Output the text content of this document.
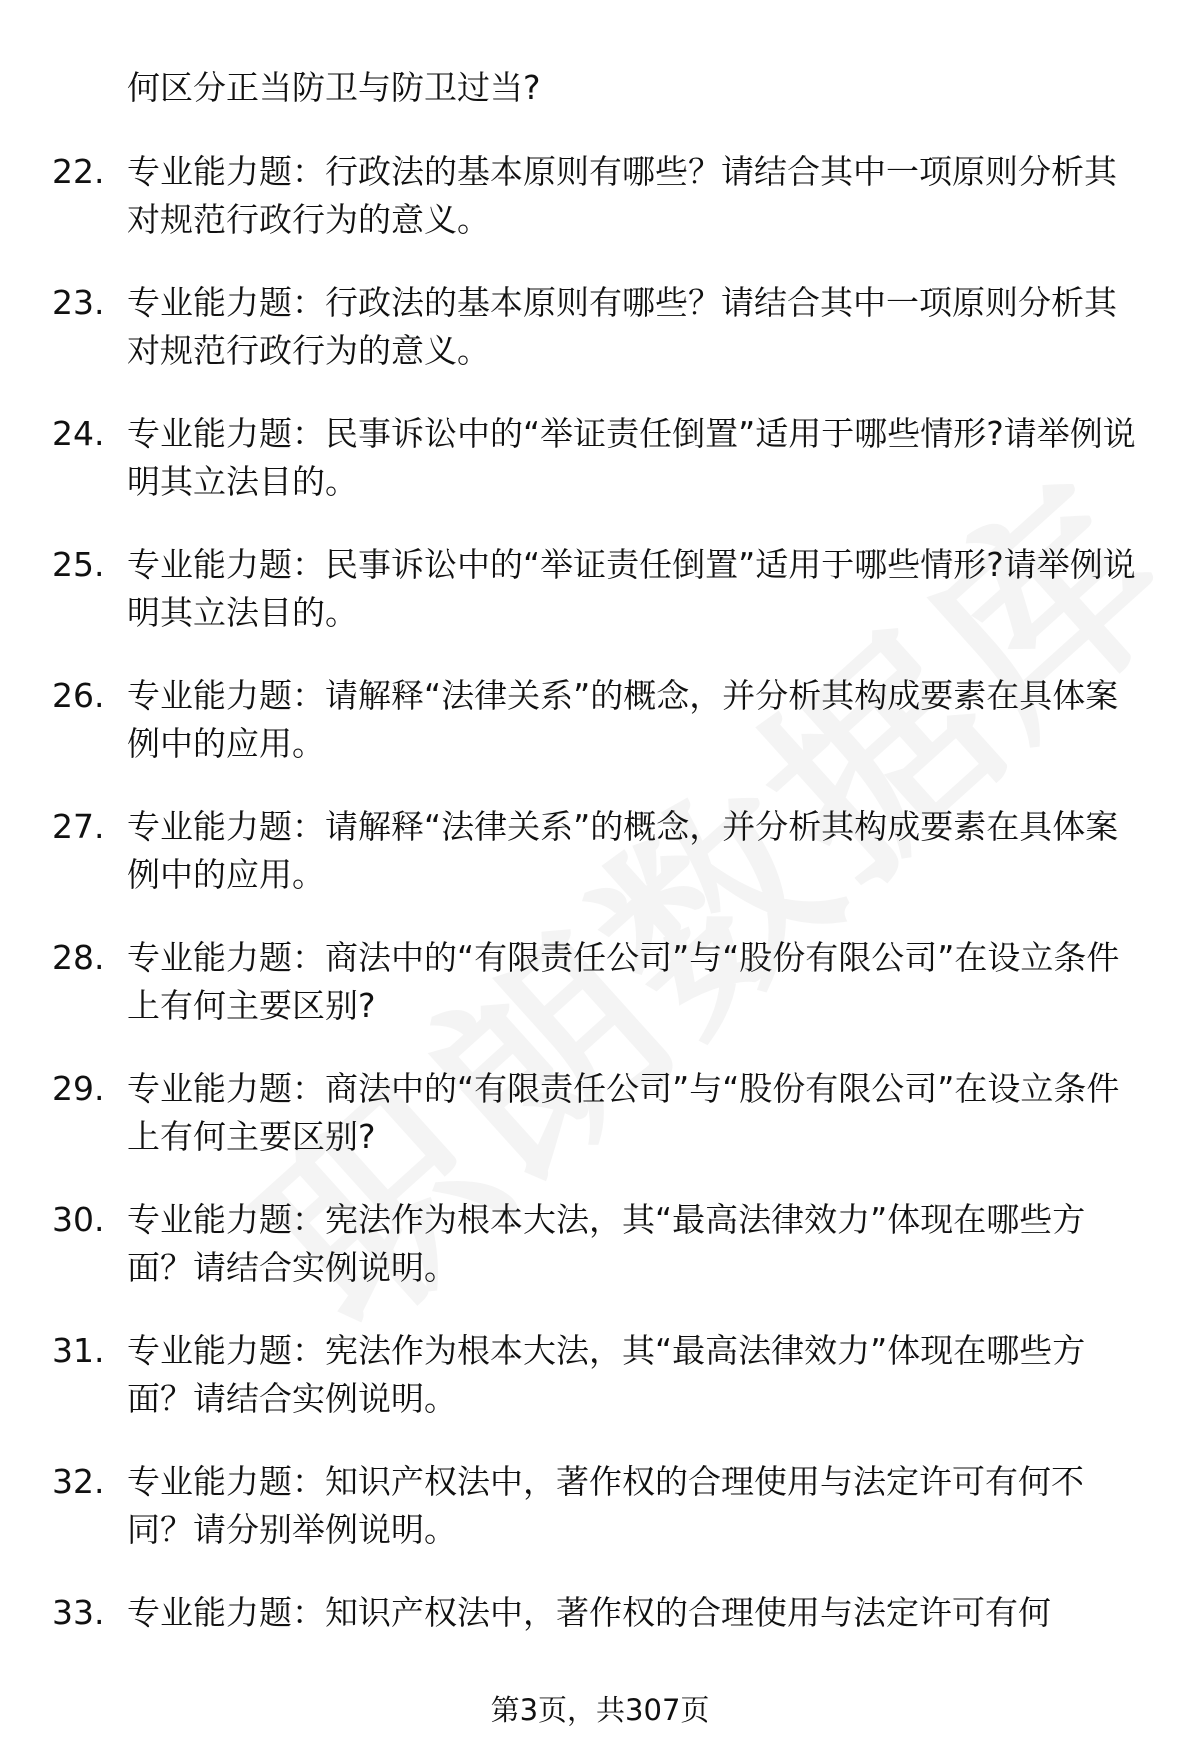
何区分正当防卫与防卫过当?
22. 专业能力题：行政法的基本原则有哪些？请结合其中一项原则分析其对规范行政行为的意义。
23. 专业能力题：行政法的基本原则有哪些？请结合其中一项原则分析其对规范行政行为的意义。
24. 专业能力题：民事诉讼中的“举证责任倒置”适用于哪些情形?请举例说明其立法目的。
25. 专业能力题：民事诉讼中的“举证责任倒置”适用于哪些情形?请举例说明其立法目的。
26. 专业能力题：请解释“法律关系”的概念，并分析其构成要素在具体案例中的应用。
27. 专业能力题：请解释“法律关系”的概念，并分析其构成要素在具体案例中的应用。
28. 专业能力题：商法中的“有限责任公司”与“股份有限公司”在设立条件上有何主要区别?
29. 专业能力题：商法中的“有限责任公司”与“股份有限公司”在设立条件上有何主要区别?
30. 专业能力题：宪法作为根本大法，其“最高法律效力”体现在哪些方面？请结合实例说明。
31. 专业能力题：宪法作为根本大法，其“最高法律效力”体现在哪些方面？请结合实例说明。
32. 专业能力题：知识产权法中，著作权的合理使用与法定许可有何不同？请分别举例说明。
33. 专业能力题：知识产权法中，著作权的合理使用与法定许可有何
第3页，共307页
